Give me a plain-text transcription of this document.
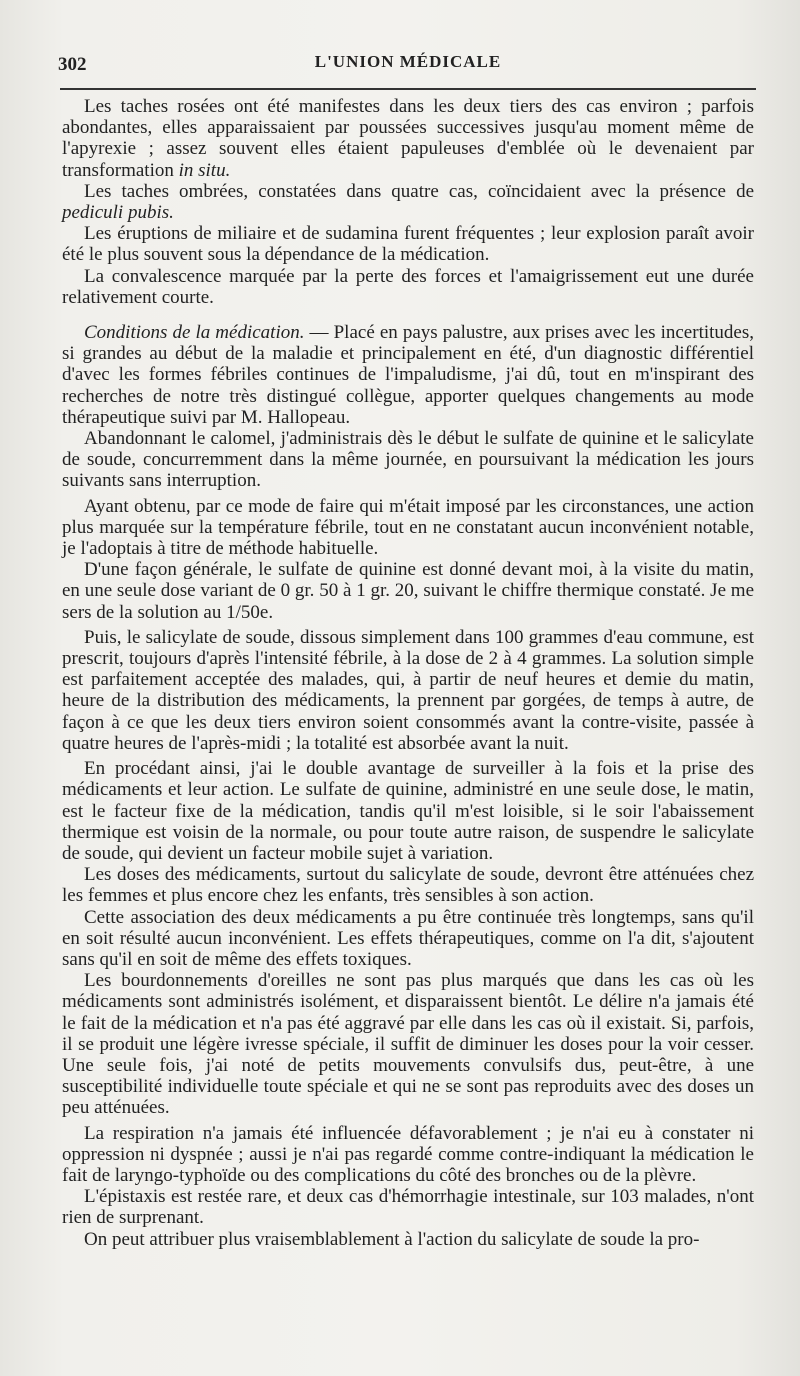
302	L'UNION MÉDICALE

Les taches rosées ont été manifestes dans les deux tiers des cas environ ; parfois abondantes, elles apparaissaient par poussées successives jusqu'au moment même de l'apyrexie ; assez souvent elles étaient papuleuses d'emblée où le devenaient par transformation in situ.

Les taches ombrées, constatées dans quatre cas, coïncidaient avec la présence de pediculi pubis.

Les éruptions de miliaire et de sudamina furent fréquentes ; leur explosion paraît avoir été le plus souvent sous la dépendance de la médication.

La convalescence marquée par la perte des forces et l'amaigrissement eut une durée relativement courte.

Conditions de la médication. — Placé en pays palustre, aux prises avec les incertitudes, si grandes au début de la maladie et principalement en été, d'un diagnostic différentiel d'avec les formes fébriles continues de l'impaludisme, j'ai dû, tout en m'inspirant des recherches de notre très distingué collègue, apporter quelques changements au mode thérapeutique suivi par M. Hallopeau.

Abandonnant le calomel, j'administrais dès le début le sulfate de quinine et le salicylate de soude, concurremment dans la même journée, en poursuivant la médication les jours suivants sans interruption.

Ayant obtenu, par ce mode de faire qui m'était imposé par les circonstances, une action plus marquée sur la température fébrile, tout en ne constatant aucun inconvénient notable, je l'adoptais à titre de méthode habituelle.

D'une façon générale, le sulfate de quinine est donné devant moi, à la visite du matin, en une seule dose variant de 0 gr. 50 à 1 gr. 20, suivant le chiffre thermique constaté. Je me sers de la solution au 1/50e.

Puis, le salicylate de soude, dissous simplement dans 100 grammes d'eau commune, est prescrit, toujours d'après l'intensité fébrile, à la dose de 2 à 4 grammes. La solution simple est parfaitement acceptée des malades, qui, à partir de neuf heures et demie du matin, heure de la distribution des médicaments, la prennent par gorgées, de temps à autre, de façon à ce que les deux tiers environ soient consommés avant la contre-visite, passée à quatre heures de l'après-midi ; la totalité est absorbée avant la nuit.

En procédant ainsi, j'ai le double avantage de surveiller à la fois et la prise des médicaments et leur action. Le sulfate de quinine, administré en une seule dose, le matin, est le facteur fixe de la médication, tandis qu'il m'est loisible, si le soir l'abaissement thermique est voisin de la normale, ou pour toute autre raison, de suspendre le salicylate de soude, qui devient un facteur mobile sujet à variation.

Les doses des médicaments, surtout du salicylate de soude, devront être atténuées chez les femmes et plus encore chez les enfants, très sensibles à son action.

Cette association des deux médicaments a pu être continuée très longtemps, sans qu'il en soit résulté aucun inconvénient. Les effets thérapeutiques, comme on l'a dit, s'ajoutent sans qu'il en soit de même des effets toxiques.

Les bourdonnements d'oreilles ne sont pas plus marqués que dans les cas où les médicaments sont administrés isolément, et disparaissent bientôt. Le délire n'a jamais été le fait de la médication et n'a pas été aggravé par elle dans les cas où il existait. Si, parfois, il se produit une légère ivresse spéciale, il suffit de diminuer les doses pour la voir cesser. Une seule fois, j'ai noté de petits mouvements convulsifs dus, peut-être, à une susceptibilité individuelle toute spéciale et qui ne se sont pas reproduits avec des doses un peu atténuées.

La respiration n'a jamais été influencée défavorablement ; je n'ai eu à constater ni oppression ni dyspnée ; aussi je n'ai pas regardé comme contre-indiquant la médication le fait de laryngo-typhoïde ou des complications du côté des bronches ou de la plèvre.

L'épistaxis est restée rare, et deux cas d'hémorrhagie intestinale, sur 103 malades, n'ont rien de surprenant.

On peut attribuer plus vraisemblablement à l'action du salicylate de soude la pro-
